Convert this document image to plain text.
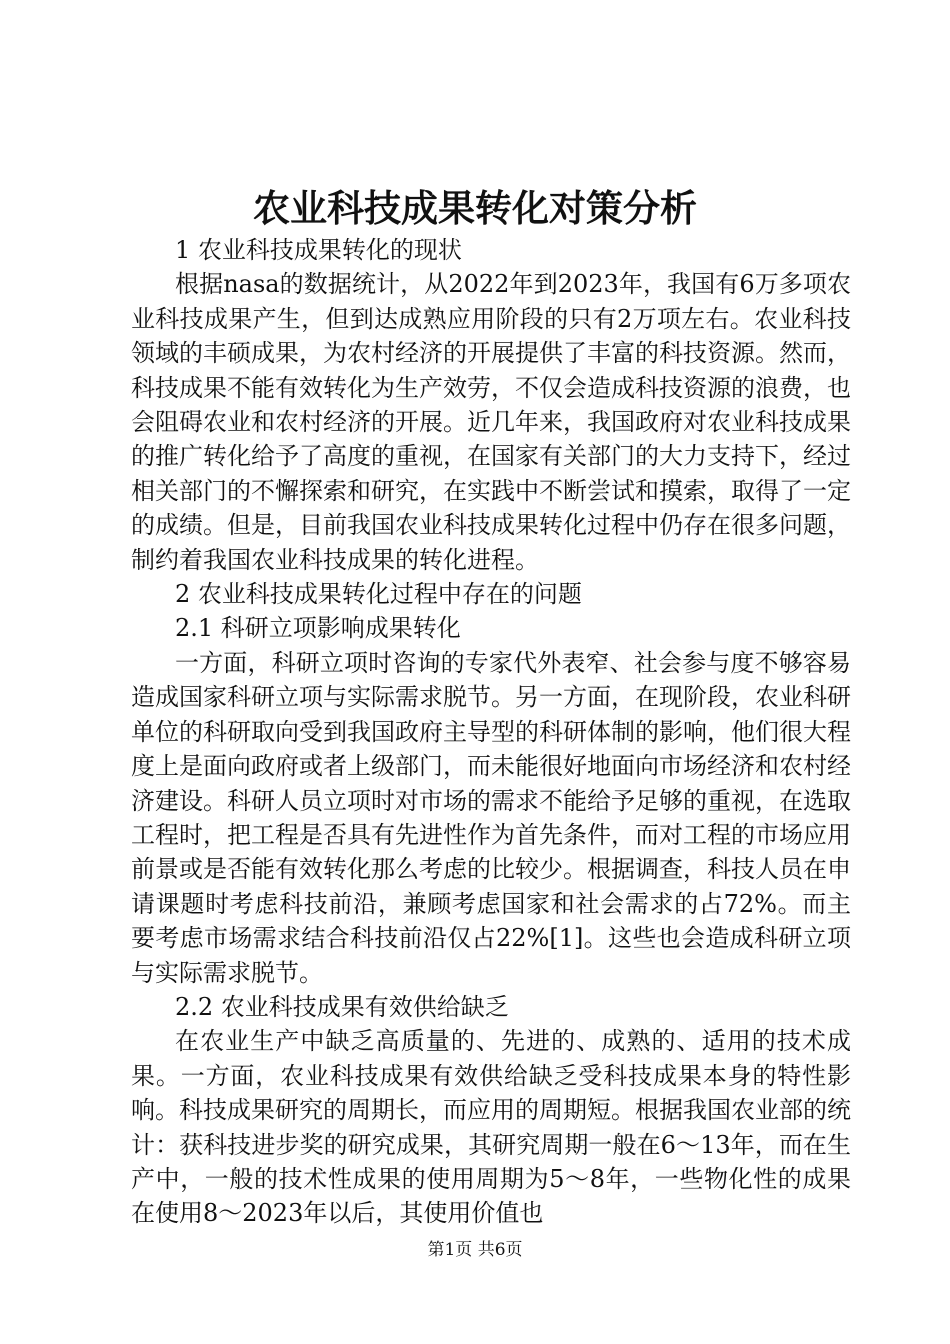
农业科技成果转化对策分析

1 农业科技成果转化的现状

根据nasa的数据统计，从2022年到2023年，我国有6万多项农业科技成果产生，但到达成熟应用阶段的只有2万项左右。农业科技领域的丰硕成果，为农村经济的开展提供了丰富的科技资源。然而，科技成果不能有效转化为生产效劳，不仅会造成科技资源的浪费，也会阻碍农业和农村经济的开展。近几年来，我国政府对农业科技成果的推广转化给予了高度的重视，在国家有关部门的大力支持下，经过相关部门的不懈探索和研究，在实践中不断尝试和摸索，取得了一定的成绩。但是，目前我国农业科技成果转化过程中仍存在很多问题，制约着我国农业科技成果的转化进程。

2 农业科技成果转化过程中存在的问题

2.1 科研立项影响成果转化

一方面，科研立项时咨询的专家代外表窄、社会参与度不够容易造成国家科研立项与实际需求脱节。另一方面，在现阶段，农业科研单位的科研取向受到我国政府主导型的科研体制的影响，他们很大程度上是面向政府或者上级部门，而未能很好地面向市场经济和农村经济建设。科研人员立项时对市场的需求不能给予足够的重视，在选取工程时，把工程是否具有先进性作为首先条件，而对工程的市场应用前景或是否能有效转化那么考虑的比较少。根据调查，科技人员在申请课题时考虑科技前沿，兼顾考虑国家和社会需求的占72%。而主要考虑市场需求结合科技前沿仅占22%[1]。这些也会造成科研立项与实际需求脱节。

2.2 农业科技成果有效供给缺乏

在农业生产中缺乏高质量的、先进的、成熟的、适用的技术成果。一方面，农业科技成果有效供给缺乏受科技成果本身的特性影响。科技成果研究的周期长，而应用的周期短。根据我国农业部的统计：获科技进步奖的研究成果，其研究周期一般在6～13年，而在生产中，一般的技术性成果的使用周期为5～8年，一些物化性的成果在使用8～2023年以后，其使用价值也

第1页 共6页
